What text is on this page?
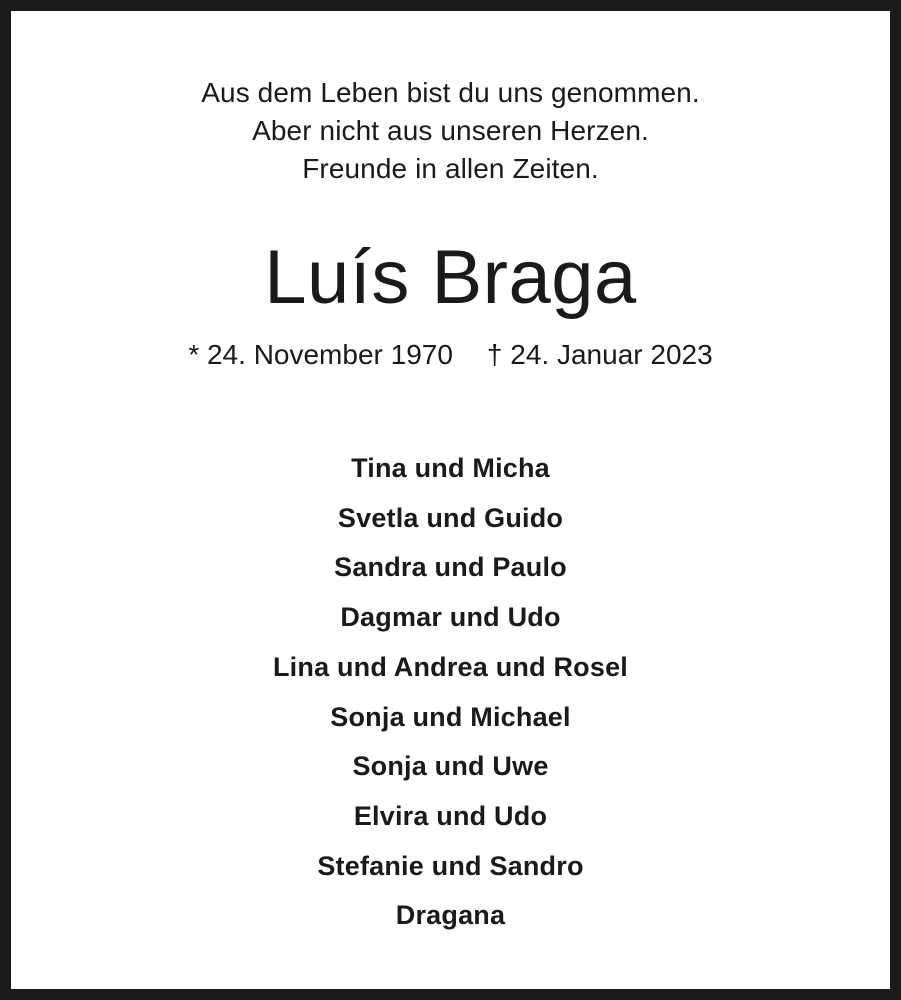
Aus dem Leben bist du uns genommen.
Aber nicht aus unseren Herzen.
Freunde in allen Zeiten.
Luís Braga
* 24. November 1970 † 24. Januar 2023
Tina und Micha
Svetla und Guido
Sandra und Paulo
Dagmar und Udo
Lina und Andrea und Rosel
Sonja und Michael
Sonja und Uwe
Elvira und Udo
Stefanie und Sandro
Dragana
